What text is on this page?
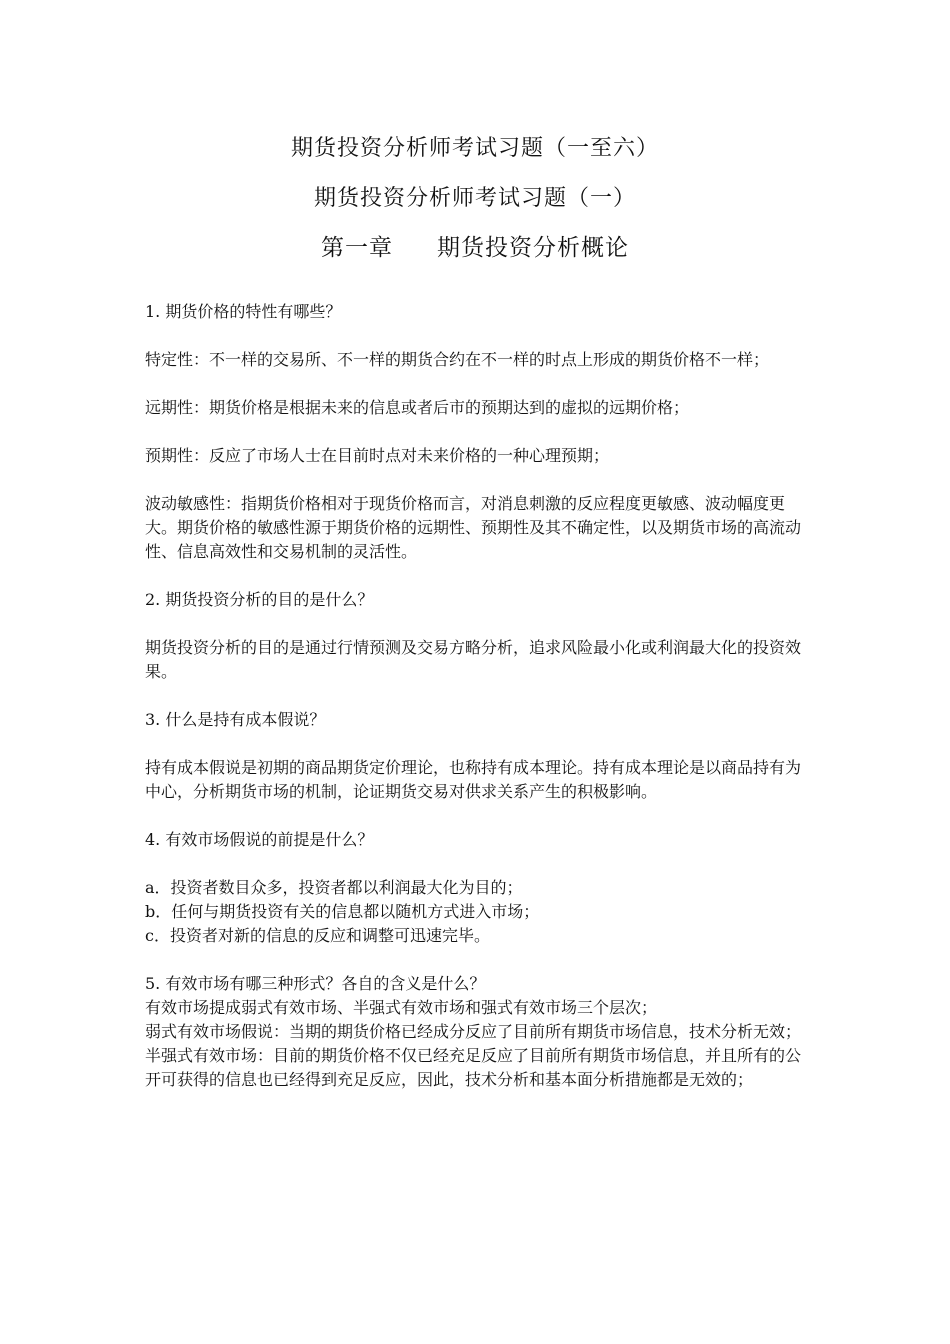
期货投资分析师考试习题（一至六）
期货投资分析师考试习题（一）
第一章 期货投资分析概论

1. 期货价格的特性有哪些？

特定性：不一样的交易所、不一样的期货合约在不一样的时点上形成的期货价格不一样；

远期性：期货价格是根据未来的信息或者后市的预期达到的虚拟的远期价格；

预期性：反应了市场人士在目前时点对未来价格的一种心理预期；

波动敏感性：指期货价格相对于现货价格而言，对消息刺激的反应程度更敏感、波动幅度更大。期货价格的敏感性源于期货价格的远期性、预期性及其不确定性，以及期货市场的高流动性、信息高效性和交易机制的灵活性。

2. 期货投资分析的目的是什么？

期货投资分析的目的是通过行情预测及交易方略分析，追求风险最小化或利润最大化的投资效果。

3. 什么是持有成本假说？

持有成本假说是初期的商品期货定价理论，也称持有成本理论。持有成本理论是以商品持有为中心，分析期货市场的机制，论证期货交易对供求关系产生的积极影响。

4. 有效市场假说的前提是什么？

a．投资者数目众多，投资者都以利润最大化为目的；

b．任何与期货投资有关的信息都以随机方式进入市场；

c．投资者对新的信息的反应和调整可迅速完毕。

5. 有效市场有哪三种形式？各自的含义是什么？

有效市场提成弱式有效市场、半强式有效市场和强式有效市场三个层次；

弱式有效市场假说：当期的期货价格已经成分反应了目前所有期货市场信息，技术分析无效；

半强式有效市场：目前的期货价格不仅已经充足反应了目前所有期货市场信息，并且所有的公开可获得的信息也已经得到充足反应，因此，技术分析和基本面分析措施都是无效的；
